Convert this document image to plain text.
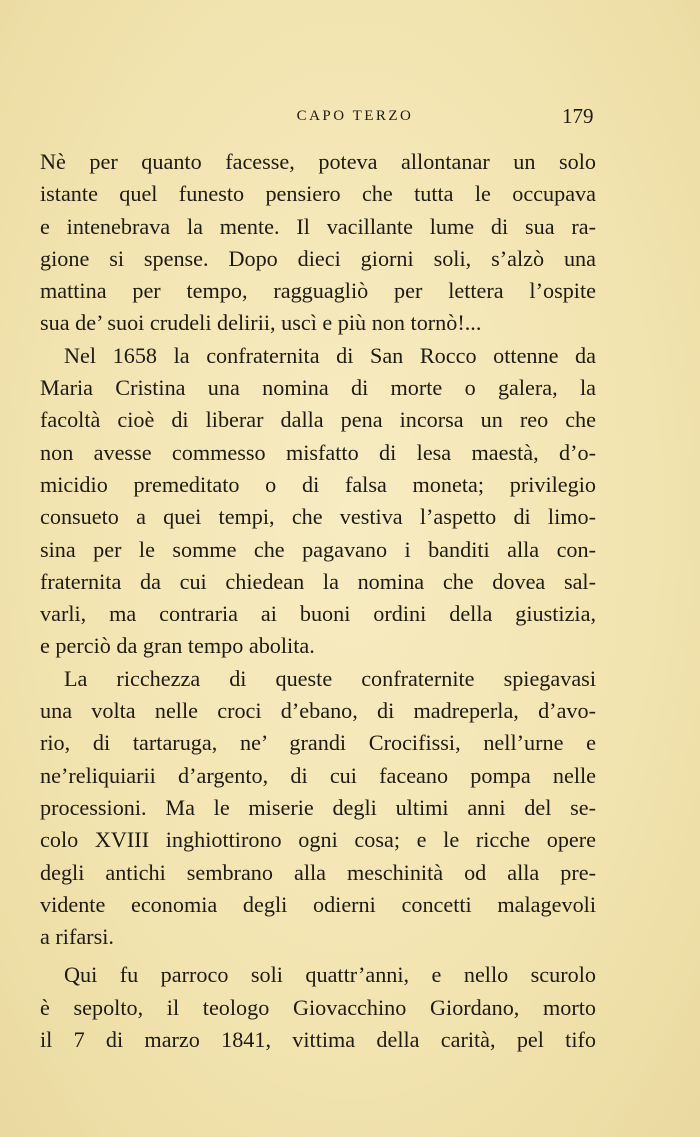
CAPO TERZO	179
Nè per quanto facesse, poteva allontanar un solo
istante quel funesto pensiero che tutta le occupava
e intenebrava la mente. Il vacillante lume di sua ra-
gione si spense. Dopo dieci giorni soli, s’alzò una
mattina per tempo, ragguagliò per lettera l’ospite
sua de’ suoi crudeli delirii, uscì e più non tornò!...
Nel 1658 la confraternita di San Rocco ottenne da
Maria Cristina una nomina di morte o galera, la
facoltà cioè di liberar dalla pena incorsa un reo che
non avesse commesso misfatto di lesa maestà, d’o-
micidio premeditato o di falsa moneta; privilegio
consueto a quei tempi, che vestiva l’aspetto di limo-
sina per le somme che pagavano i banditi alla con-
fraternita da cui chiedean la nomina che dovea sal-
varli, ma contraria ai buoni ordini della giustizia,
e perciò da gran tempo abolita.
La ricchezza di queste confraternite spiegavasi
una volta nelle croci d’ebano, di madreperla, d’avo-
rio, di tartaruga, ne’ grandi Crocifissi, nell’urne e
ne’reliquiarii d’argento, di cui faceano pompa nelle
processioni. Ma le miserie degli ultimi anni del se-
colo XVIII inghiottirono ogni cosa; e le ricche opere
degli antichi sembrano alla meschinità od alla pre-
vidente economia degli odierni concetti malagevoli
a rifarsi.
Qui fu parroco soli quattr’anni, e nello scurolo
è sepolto, il teologo Giovacchino Giordano, morto
il 7 di marzo 1841, vittima della carità, pel tifo
